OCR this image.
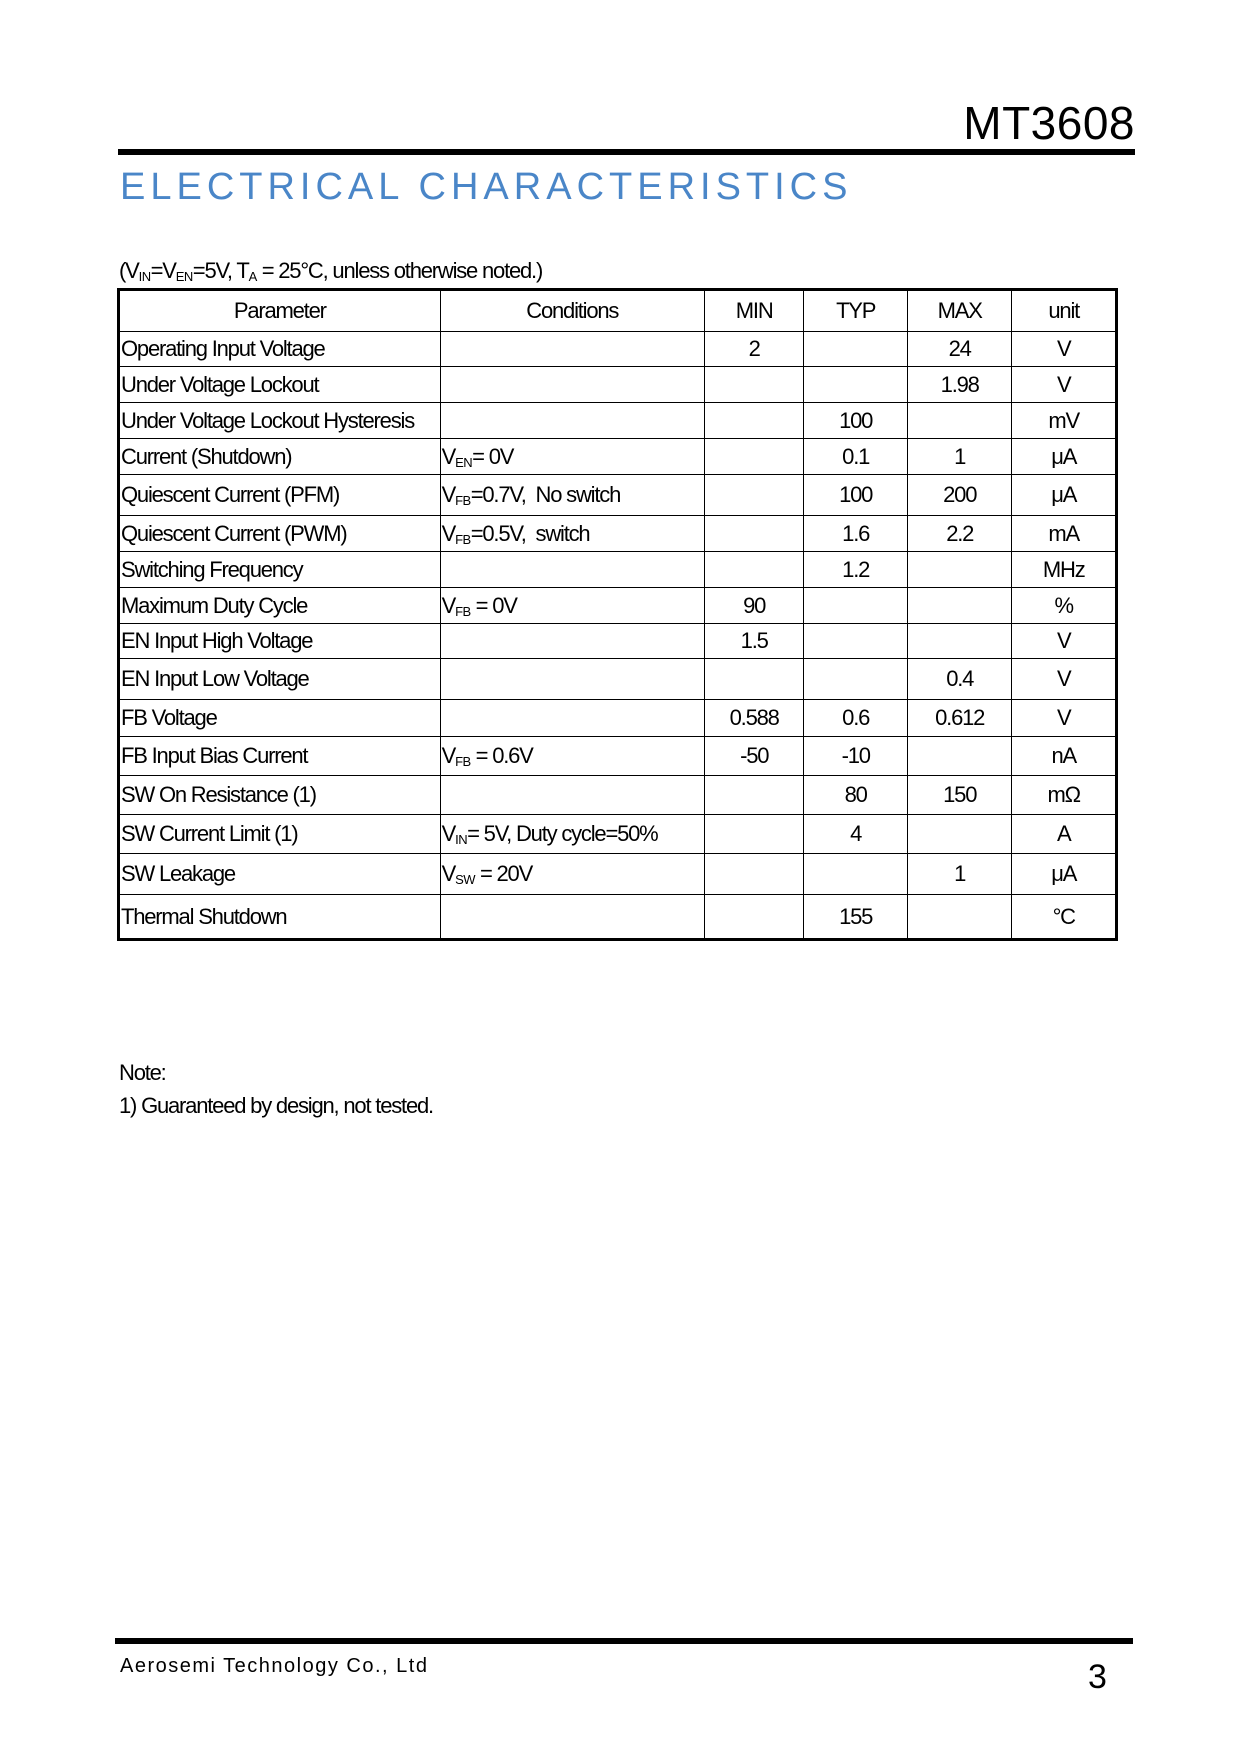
MT3608
ELECTRICAL CHARACTERISTICS
($V_{IN}=V_{EN}=5V$, $T_A = 25^\circ C$, unless otherwise noted.)
Parameter	Conditions	MIN	TYP	MAX	unit
Operating Input Voltage		2		24	V
Under Voltage Lockout				1.98	V
Under Voltage Lockout Hysteresis			100		mV
Current (Shutdown)	$V_{EN}= 0V$		0.1	1	μA
Quiescent Current (PFM)	$V_{FB}=0.7V$,  No switch		100	200	μA
Quiescent Current (PWM)	$V_{FB}=0.5V$,  switch		1.6	2.2	mA
Switching Frequency			1.2		MHz
Maximum Duty Cycle	$V_{FB} = 0V$	90			%
EN Input High Voltage		1.5			V
EN Input Low Voltage				0.4	V
FB Voltage		0.588	0.6	0.612	V
FB Input Bias Current	$V_{FB} = 0.6V$	-50	-10		nA
SW On Resistance (1)			80	150	mΩ
SW Current Limit (1)	$V_{IN}= 5V$, Duty cycle=50%		4		A
SW Leakage	$V_{SW} = 20V$			1	μA
Thermal Shutdown			155		°C
Note:
1) Guaranteed by design, not tested.
Aerosemi Technology Co., Ltd	3
